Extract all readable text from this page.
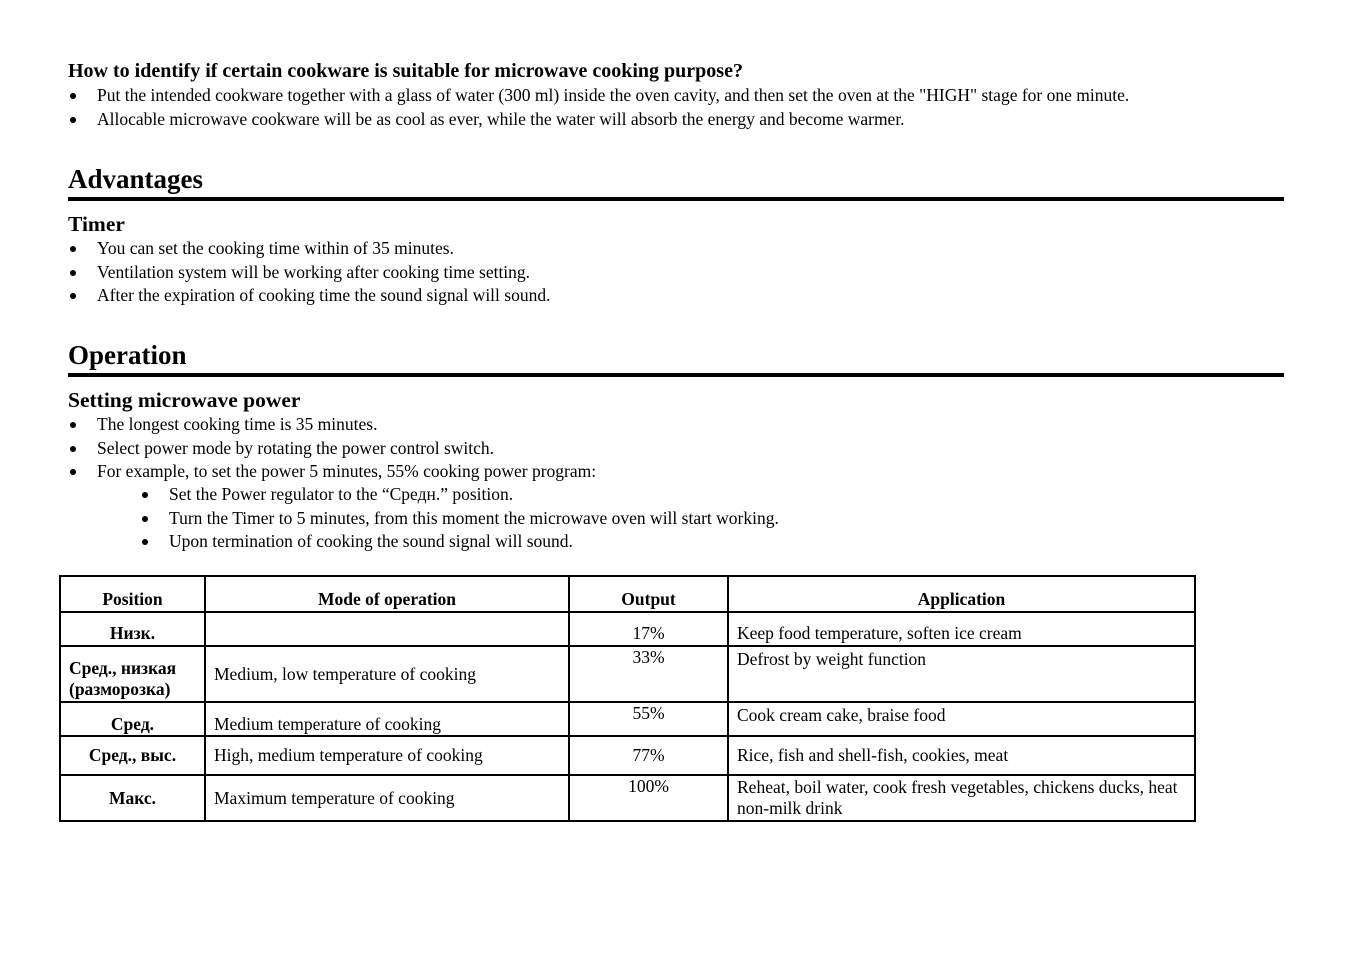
How to identify if certain cookware is suitable for microwave cooking purpose?
Put the intended cookware together with a glass of water (300 ml) inside the oven cavity, and then set the oven at the "HIGH" stage for one minute.
Allocable microwave cookware will be as cool as ever, while the water will absorb the energy and become warmer.
Advantages
Timer
You can set the cooking time within of 35 minutes.
Ventilation system will be working after cooking time setting.
After the expiration of cooking time the sound signal will sound.
Operation
Setting microwave power
The longest cooking time is 35 minutes.
Select power mode by rotating the power control switch.
For example, to set the power 5 minutes, 55% cooking power program:
Set the Power regulator to the “Средн.” position.
Turn the Timer to 5 minutes, from this moment the microwave oven will start working.
Upon termination of cooking the sound signal will sound.
Position	Mode of operation	Output	Application
Низк.		17%	Keep food temperature, soften ice cream
Сред., низкая (разморозка)	Medium, low temperature of cooking	33%	Defrost by weight function
Сред.	Medium temperature of cooking	55%	Cook cream cake, braise food
Сред., выс.	High, medium temperature of cooking	77%	Rice, fish and shell-fish, cookies, meat
Макс.	Maximum temperature of cooking	100%	Reheat, boil water, cook fresh vegetables, chickens ducks, heat non-milk drink
